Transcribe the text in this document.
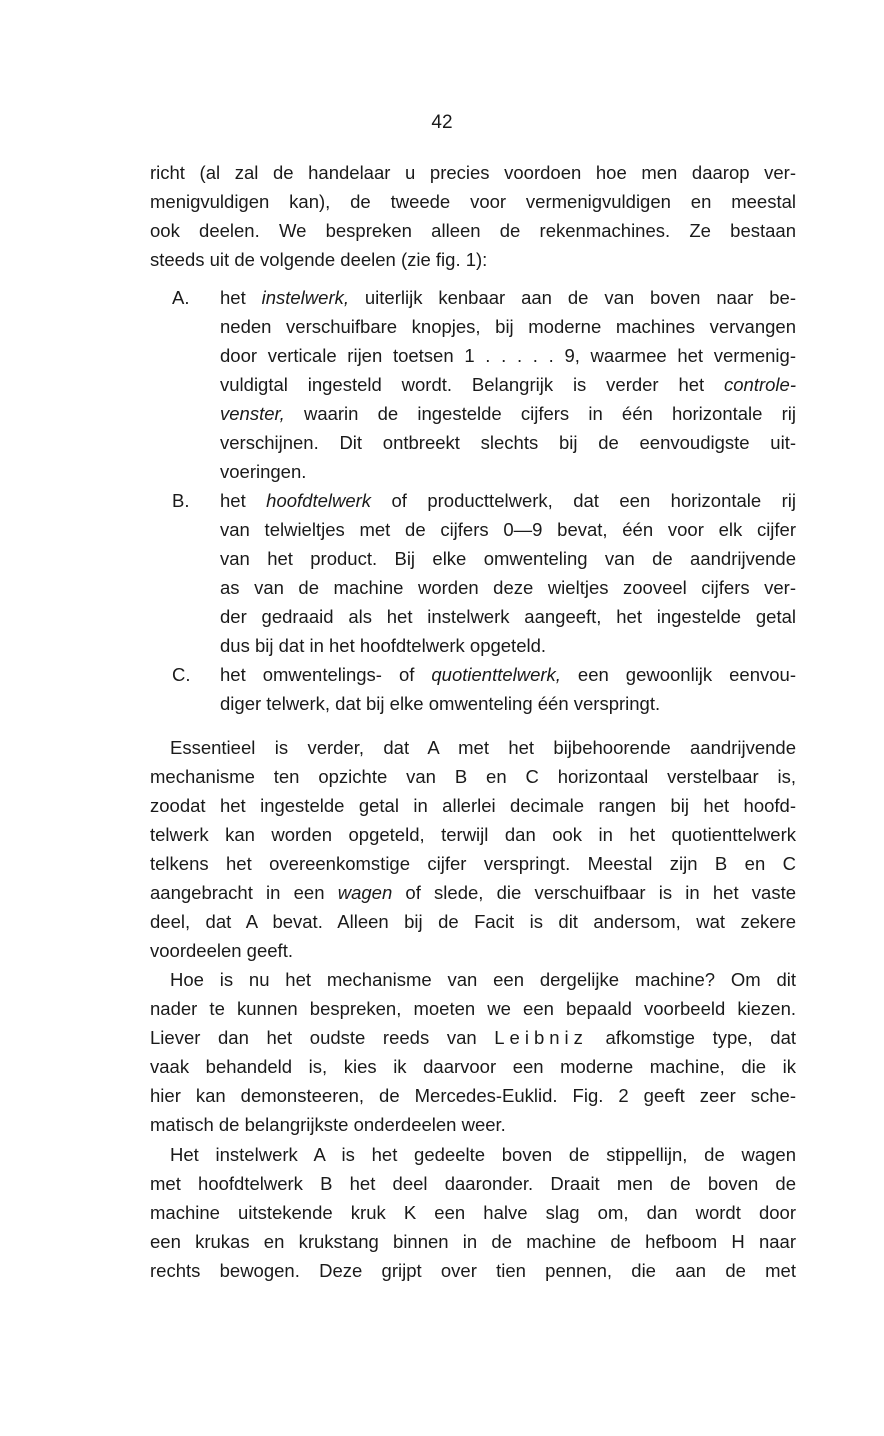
42
richt (al zal de handelaar u precies voordoen hoe men daarop ver-
menigvuldigen kan), de tweede voor vermenigvuldigen en meestal
ook deelen. We bespreken alleen de rekenmachines. Ze bestaan
steeds uit de volgende deelen (zie fig. 1):
A. het instelwerk, uiterlijk kenbaar aan de van boven naar be-
neden verschuifbare knopjes, bij moderne machines vervangen
door verticale rijen toetsen 1 . . . . . 9, waarmee het vermenig-
vuldigtal ingesteld wordt. Belangrijk is verder het controle-
venster, waarin de ingestelde cijfers in één horizontale rij
verschijnen. Dit ontbreekt slechts bij de eenvoudigste uit-
voeringen.
B. het hoofdtelwerk of producttelwerk, dat een horizontale rij
van telwieltjes met de cijfers 0—9 bevat, één voor elk cijfer
van het product. Bij elke omwenteling van de aandrijvende
as van de machine worden deze wieltjes zooveel cijfers ver-
der gedraaid als het instelwerk aangeeft, het ingestelde getal
dus bij dat in het hoofdtelwerk opgeteld.
C. het omwentelings- of quotienttelwerk, een gewoonlijk eenvou-
diger telwerk, dat bij elke omwenteling één verspringt.
Essentieel is verder, dat A met het bijbehoorende aandrijvende
mechanisme ten opzichte van B en C horizontaal verstelbaar is,
zoodat het ingestelde getal in allerlei decimale rangen bij het hoofd-
telwerk kan worden opgeteld, terwijl dan ook in het quotienttelwerk
telkens het overeenkomstige cijfer verspringt. Meestal zijn B en C
aangebracht in een wagen of slede, die verschuifbaar is in het vaste
deel, dat A bevat. Alleen bij de Facit is dit andersom, wat zekere
voordeelen geeft.
Hoe is nu het mechanisme van een dergelijke machine? Om dit
nader te kunnen bespreken, moeten we een bepaald voorbeeld kiezen.
Liever dan het oudste reeds van Leibniz afkomstige type, dat
vaak behandeld is, kies ik daarvoor een moderne machine, die ik
hier kan demonsteeren, de Mercedes-Euklid. Fig. 2 geeft zeer sche-
matisch de belangrijkste onderdeelen weer.
Het instelwerk A is het gedeelte boven de stippellijn, de wagen
met hoofdtelwerk B het deel daaronder. Draait men de boven de
machine uitstekende kruk K een halve slag om, dan wordt door
een krukas en krukstang binnen in de machine de hefboom H naar
rechts bewogen. Deze grijpt over tien pennen, die aan de met
